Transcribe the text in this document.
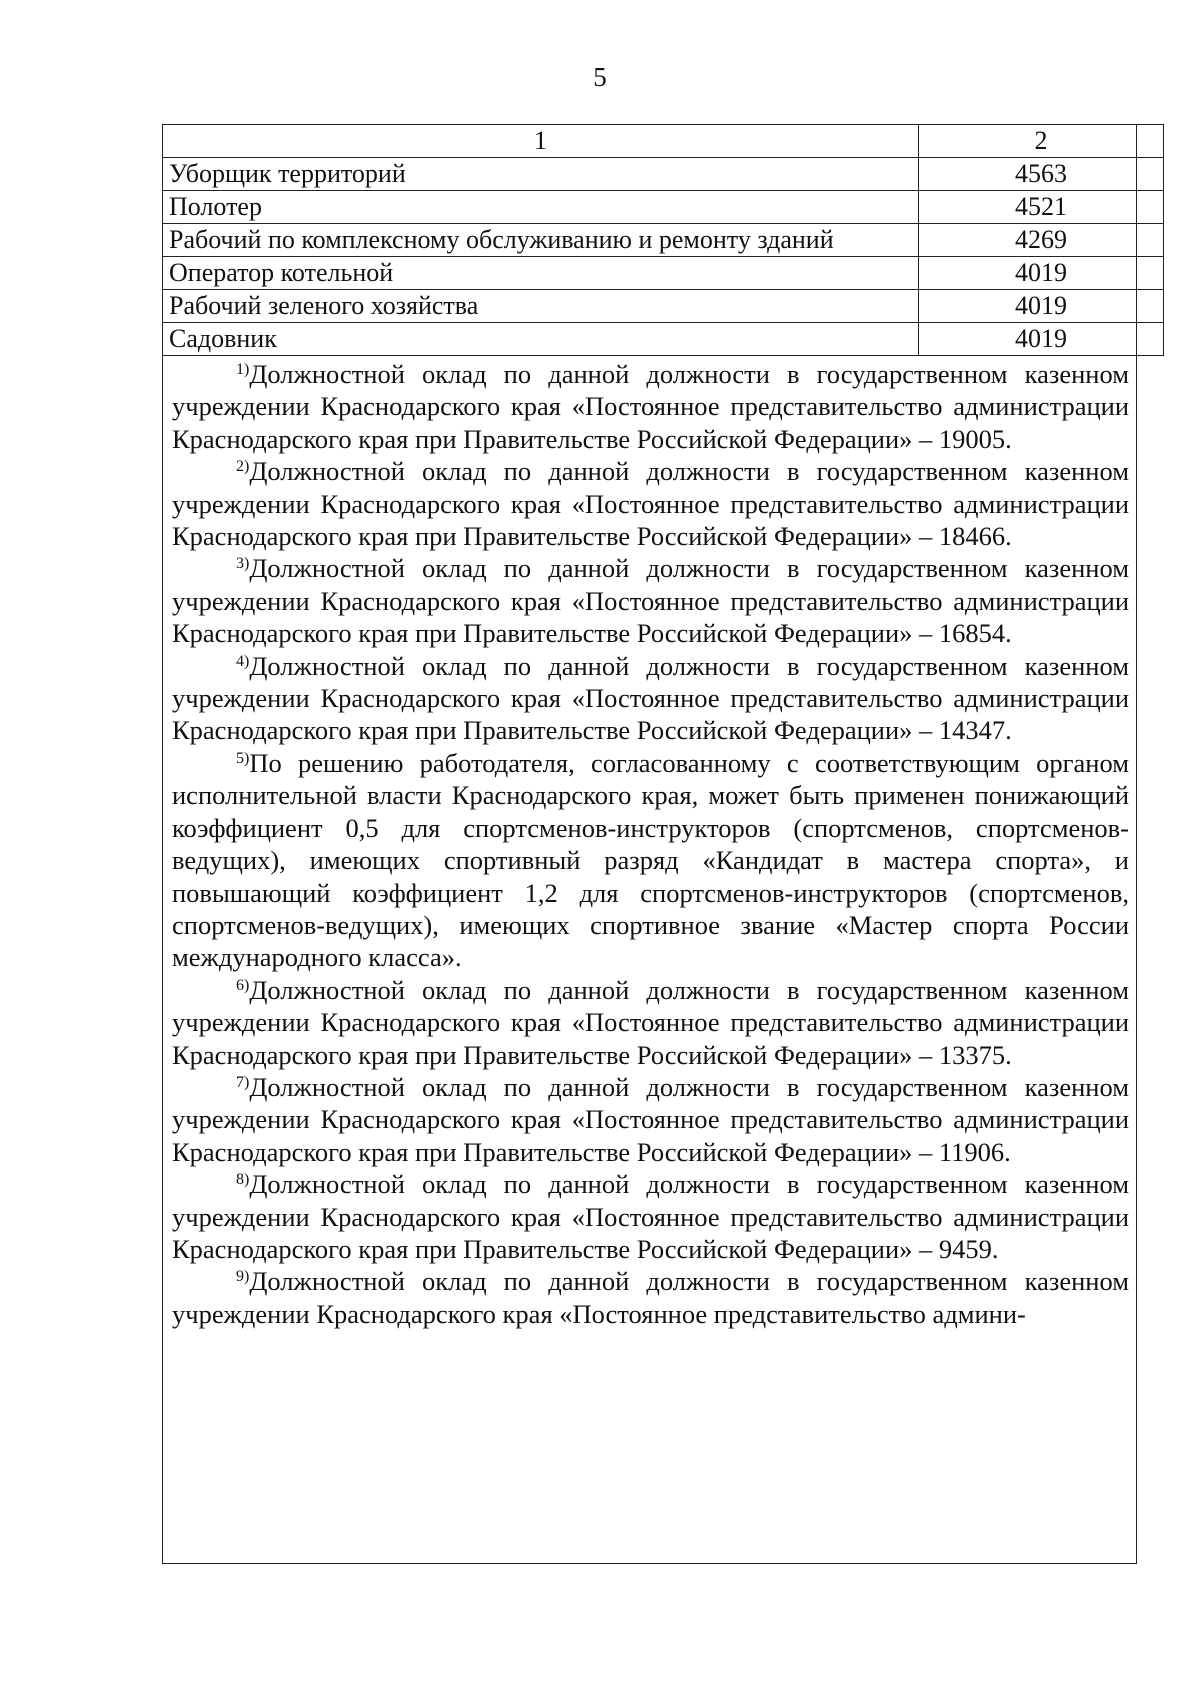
5
1	2
Уборщик территорий	4563
Полотер	4521
Рабочий по комплексному обслуживанию и ремонту зданий	4269
Оператор котельной	4019
Рабочий зеленого хозяйства	4019
Садовник	4019

$^{1)}$Должностной оклад по данной должности в государственном казенном учреждении Краснодарского края «Постоянное представительство администрации Краснодарского края при Правительстве Российской Федерации» – 19005.

$^{2)}$Должностной оклад по данной должности в государственном казенном учреждении Краснодарского края «Постоянное представительство администрации Краснодарского края при Правительстве Российской Федерации» – 18466.

$^{3)}$Должностной оклад по данной должности в государственном казенном учреждении Краснодарского края «Постоянное представительство администрации Краснодарского края при Правительстве Российской Федерации» – 16854.

$^{4)}$Должностной оклад по данной должности в государственном казенном учреждении Краснодарского края «Постоянное представительство администрации Краснодарского края при Правительстве Российской Федерации» – 14347.

$^{5)}$По решению работодателя, согласованному с соответствующим органом исполнительной власти Краснодарского края, может быть применен понижающий коэффициент 0,5 для спортсменов-инструкторов (спортсменов, спортсменов-ведущих), имеющих спортивный разряд «Кандидат в мастера спорта», и повышающий коэффициент 1,2 для спортсменов-инструкторов (спортсменов, спортсменов-ведущих), имеющих спортивное звание «Мастер спорта России международного класса».

$^{6)}$Должностной оклад по данной должности в государственном казенном учреждении Краснодарского края «Постоянное представительство администрации Краснодарского края при Правительстве Российской Федерации» – 13375.

$^{7)}$Должностной оклад по данной должности в государственном казенном учреждении Краснодарского края «Постоянное представительство администрации Краснодарского края при Правительстве Российской Федерации» – 11906.

$^{8)}$Должностной оклад по данной должности в государственном казенном учреждении Краснодарского края «Постоянное представительство администрации Краснодарского края при Правительстве Российской Федерации» – 9459.

$^{9)}$Должностной оклад по данной должности в государственном казенном учреждении Краснодарского края «Постоянное представительство админи-
